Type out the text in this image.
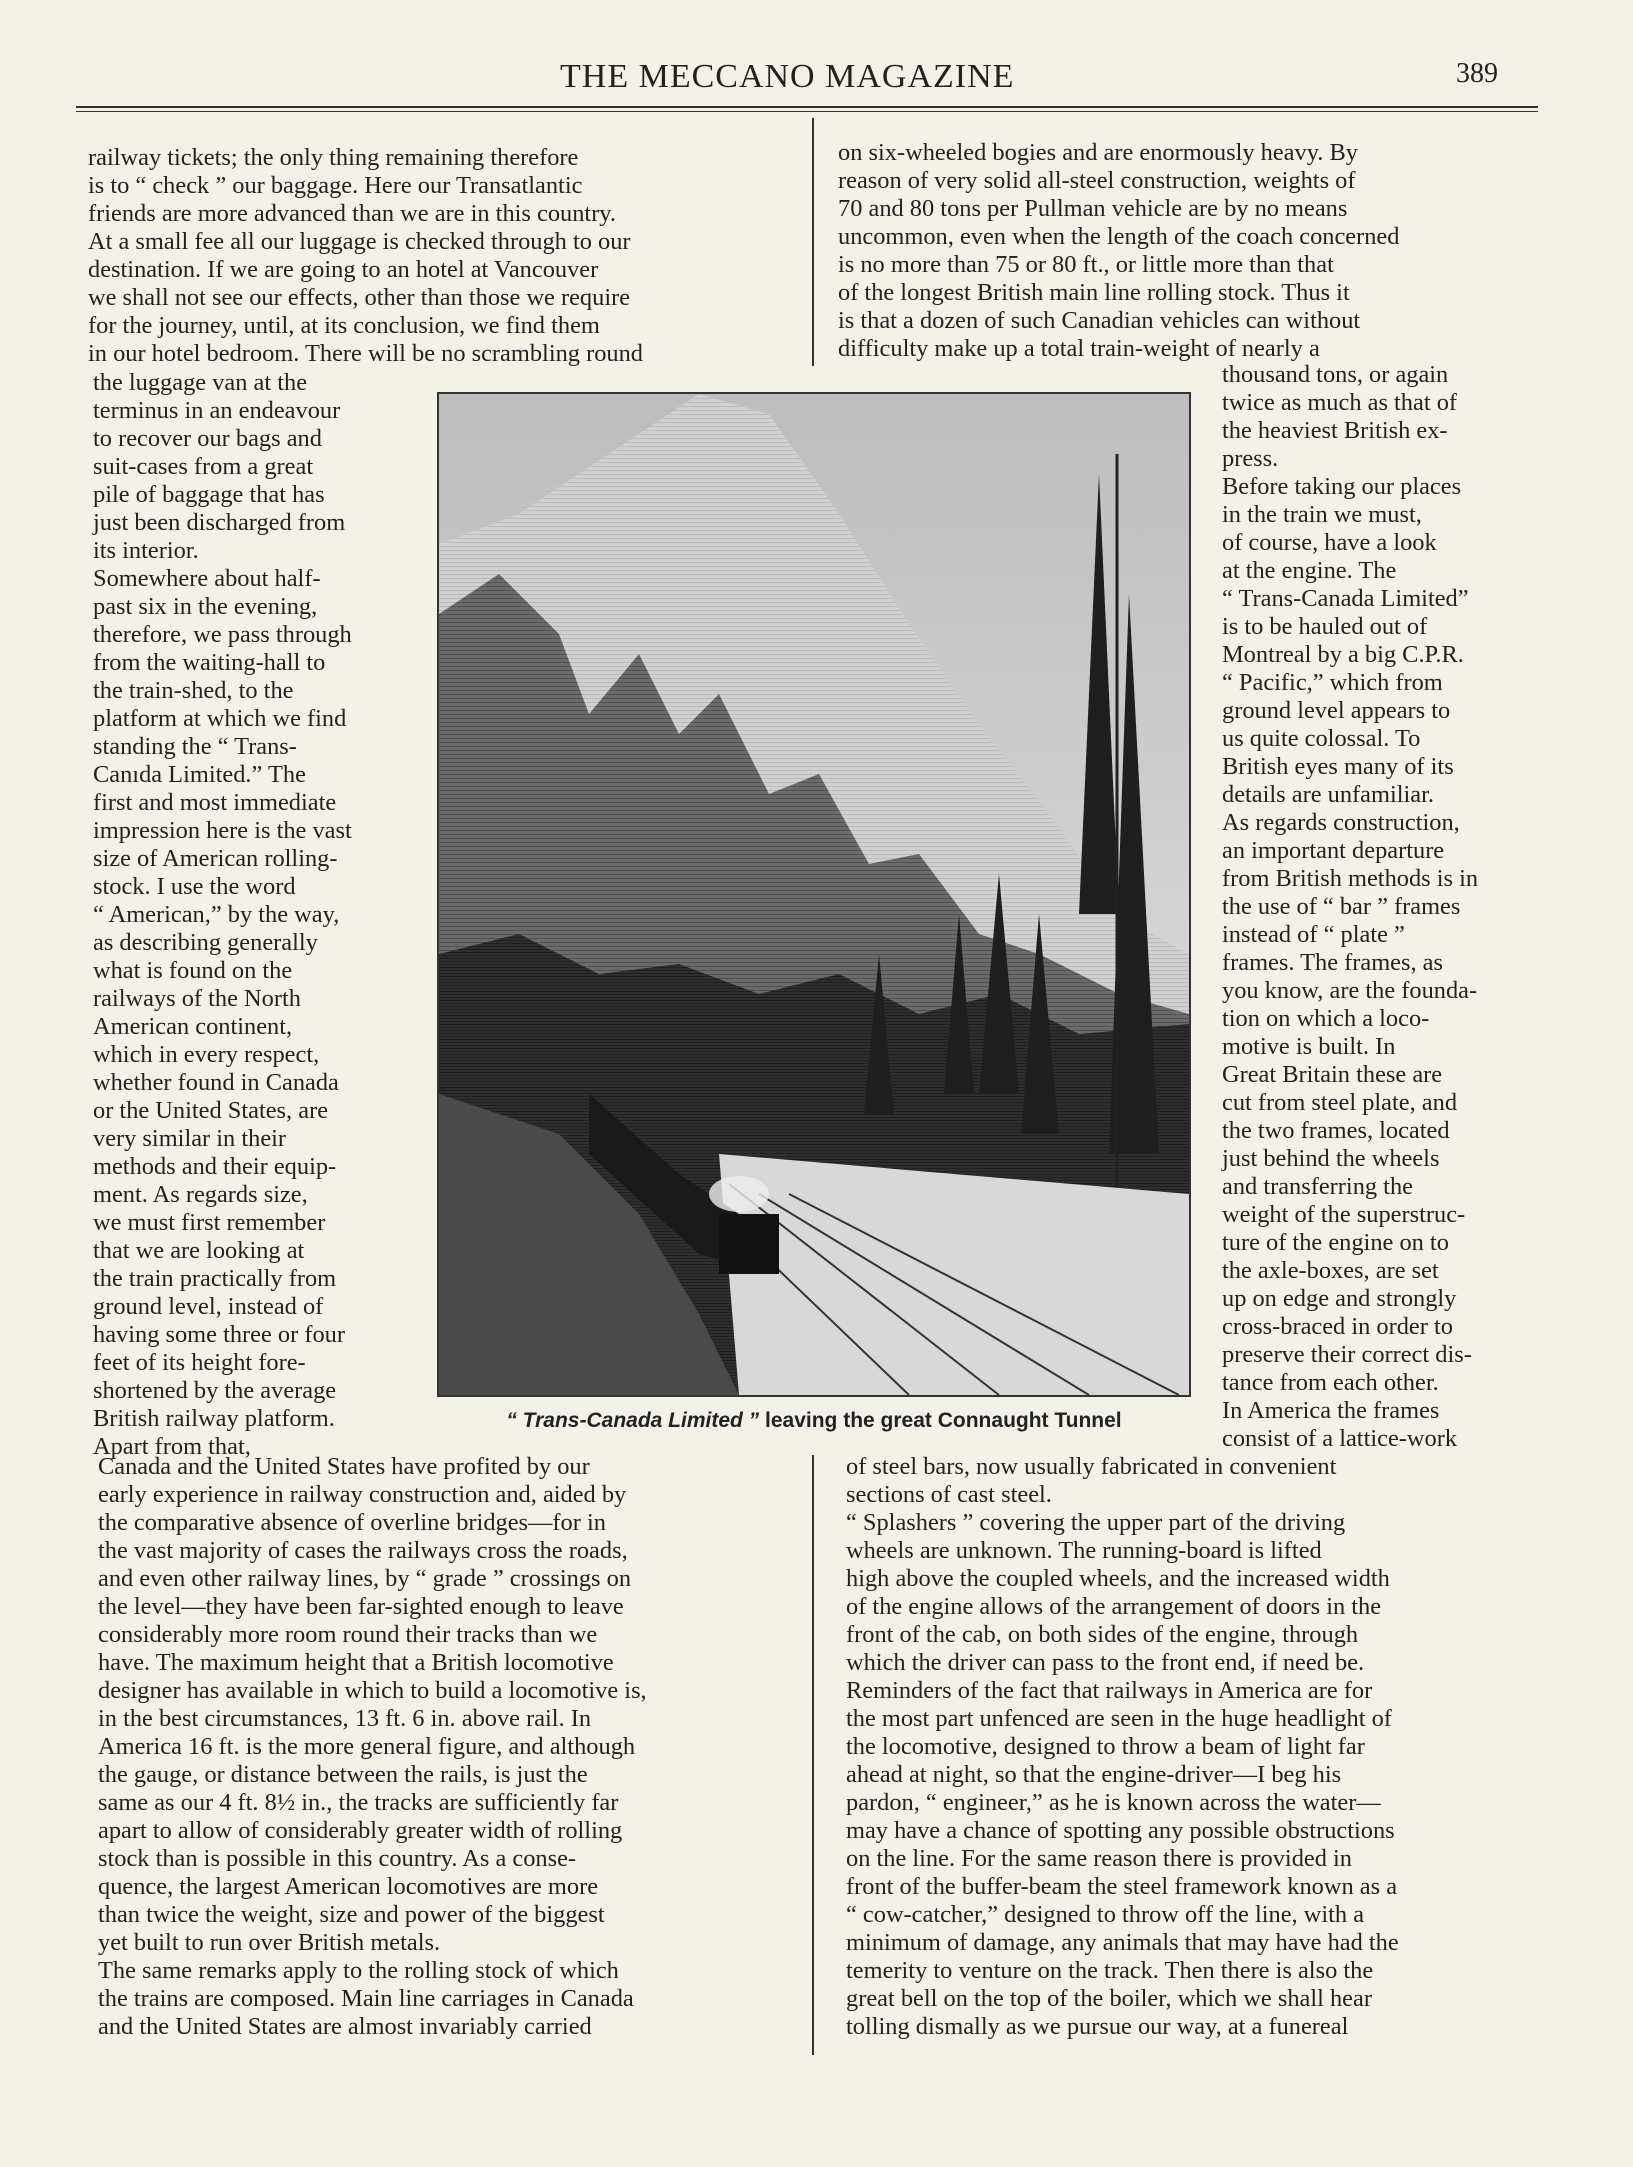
THE MECCANO MAGAZINE	389
railway tickets; the only thing remaining therefore
is to “ check ” our baggage. Here our Transatlantic
friends are more advanced than we are in this country.
At a small fee all our luggage is checked through to our
destination. If we are going to an hotel at Vancouver
we shall not see our effects, other than those we require
for the journey, until, at its conclusion, we find them
in our hotel bedroom. There will be no scrambling round
the luggage van at the
terminus in an endeavour
to recover our bags and
suit-cases from a great
pile of baggage that has
just been discharged from
its interior.
Somewhere about half-
past six in the evening,
therefore, we pass through
from the waiting-hall to
the train-shed, to the
platform at which we find
standing the “ Trans-
Canıda Limited.” The
first and most immediate
impression here is the vast
size of American rolling-
stock. I use the word
“ American,” by the way,
as describing generally
what is found on the
railways of the North
American continent,
which in every respect,
whether found in Canada
or the United States, are
very similar in their
methods and their equip-
ment. As regards size,
we must first remember
that we are looking at
the train practically from
ground level, instead of
having some three or four
feet of its height fore-
shortened by the average
British railway platform.
Apart from that,
Canada and the United States have profited by our
early experience in railway construction and, aided by
the comparative absence of overline bridges—for in
the vast majority of cases the railways cross the roads,
and even other railway lines, by “ grade ” crossings on
the level—they have been far-sighted enough to leave
considerably more room round their tracks than we
have. The maximum height that a British locomotive
designer has available in which to build a locomotive is,
in the best circumstances, 13 ft. 6 in. above rail. In
America 16 ft. is the more general figure, and although
the gauge, or distance between the rails, is just the
same as our 4 ft. 8½ in., the tracks are sufficiently far
apart to allow of considerably greater width of rolling
stock than is possible in this country. As a conse-
quence, the largest American locomotives are more
than twice the weight, size and power of the biggest
yet built to run over British metals.
The same remarks apply to the rolling stock of which
the trains are composed. Main line carriages in Canada
and the United States are almost invariably carried
on six-wheeled bogies and are enormously heavy. By
reason of very solid all-steel construction, weights of
70 and 80 tons per Pullman vehicle are by no means
uncommon, even when the length of the coach concerned
is no more than 75 or 80 ft., or little more than that
of the longest British main line rolling stock. Thus it
is that a dozen of such Canadian vehicles can without
difficulty make up a total train-weight of nearly a
thousand tons, or again
twice as much as that of
the heaviest British ex-
press.
Before taking our places
in the train we must,
of course, have a look
at the engine. The
“ Trans-Canada Limited”
is to be hauled out of
Montreal by a big C.P.R.
“ Pacific,” which from
ground level appears to
us quite colossal. To
British eyes many of its
details are unfamiliar.
As regards construction,
an important departure
from British methods is in
the use of “ bar ” frames
instead of “ plate ”
frames. The frames, as
you know, are the founda-
tion on which a loco-
motive is built. In
Great Britain these are
cut from steel plate, and
the two frames, located
just behind the wheels
and transferring the
weight of the superstruc-
ture of the engine on to
the axle-boxes, are set
up on edge and strongly
cross-braced in order to
preserve their correct dis-
tance from each other.
In America the frames
consist of a lattice-work
of steel bars, now usually fabricated in convenient
sections of cast steel.
“ Splashers ” covering the upper part of the driving
wheels are unknown. The running-board is lifted
high above the coupled wheels, and the increased width
of the engine allows of the arrangement of doors in the
front of the cab, on both sides of the engine, through
which the driver can pass to the front end, if need be.
Reminders of the fact that railways in America are for
the most part unfenced are seen in the huge headlight of
the locomotive, designed to throw a beam of light far
ahead at night, so that the engine-driver—I beg his
pardon, “ engineer,” as he is known across the water—
may have a chance of spotting any possible obstructions
on the line. For the same reason there is provided in
front of the buffer-beam the steel framework known as a
“ cow-catcher,” designed to throw off the line, with a
minimum of damage, any animals that may have had the
temerity to venture on the track. Then there is also the
great bell on the top of the boiler, which we shall hear
tolling dismally as we pursue our way, at a funereal
“ Trans-Canada Limited ” leaving the great Connaught Tunnel
